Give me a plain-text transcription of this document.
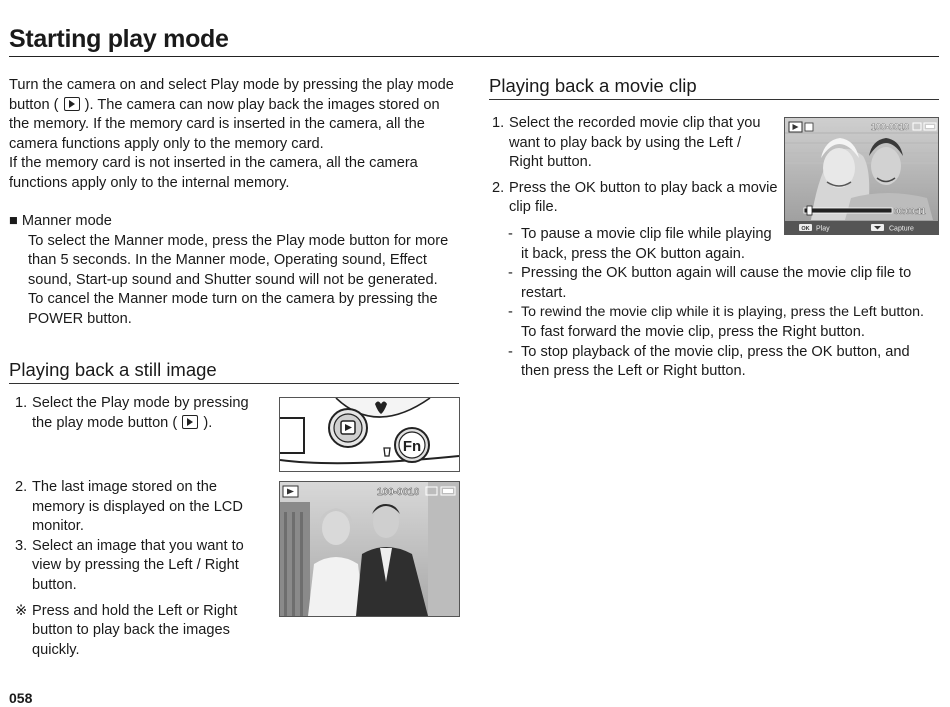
Starting play mode

Turn the camera on and select Play mode by pressing the play mode

button ( ). The camera can now play back the images stored on

the memory. If the memory card is inserted in the camera, all the

camera functions apply only to the memory card.

If the memory card is not inserted in the camera, all the camera

functions apply only to the internal memory.

■ Manner mode

To select the Manner mode, press the Play mode button for more

than 5 seconds. In the Manner mode, Operating sound, Effect

sound, Start-up sound and Shutter sound will not be generated.

To cancel the Manner mode turn on the camera by pressing the

POWER button.

Playing back a still image
1. Select the Play mode by pressing

the play mode button ( ).

2. The last image stored on the

memory is displayed on the LCD

monitor.

3. Select an image that you want to

view by pressing the Left / Right

button.

※ Press and hold the Left or Right

button to play back the images

quickly.

Fn
100-0010
Playing back a movie clip
1. Select the recorded movie clip that you

want to play back by using the Left /

Right button.

2. Press the OK button to play back a movie

clip file.

- To pause a movie clip file while playing

it back, press the OK button again.

- Pressing the OK button again will cause the movie clip file to

restart.

- To rewind the movie clip while it is playing, press the Left button.

To fast forward the movie clip, press the Right button.

- To stop playback of the movie clip, press the OK button, and

then press the Left or Right button.

100-0010
00:00:11
OK Play	Capture
058
